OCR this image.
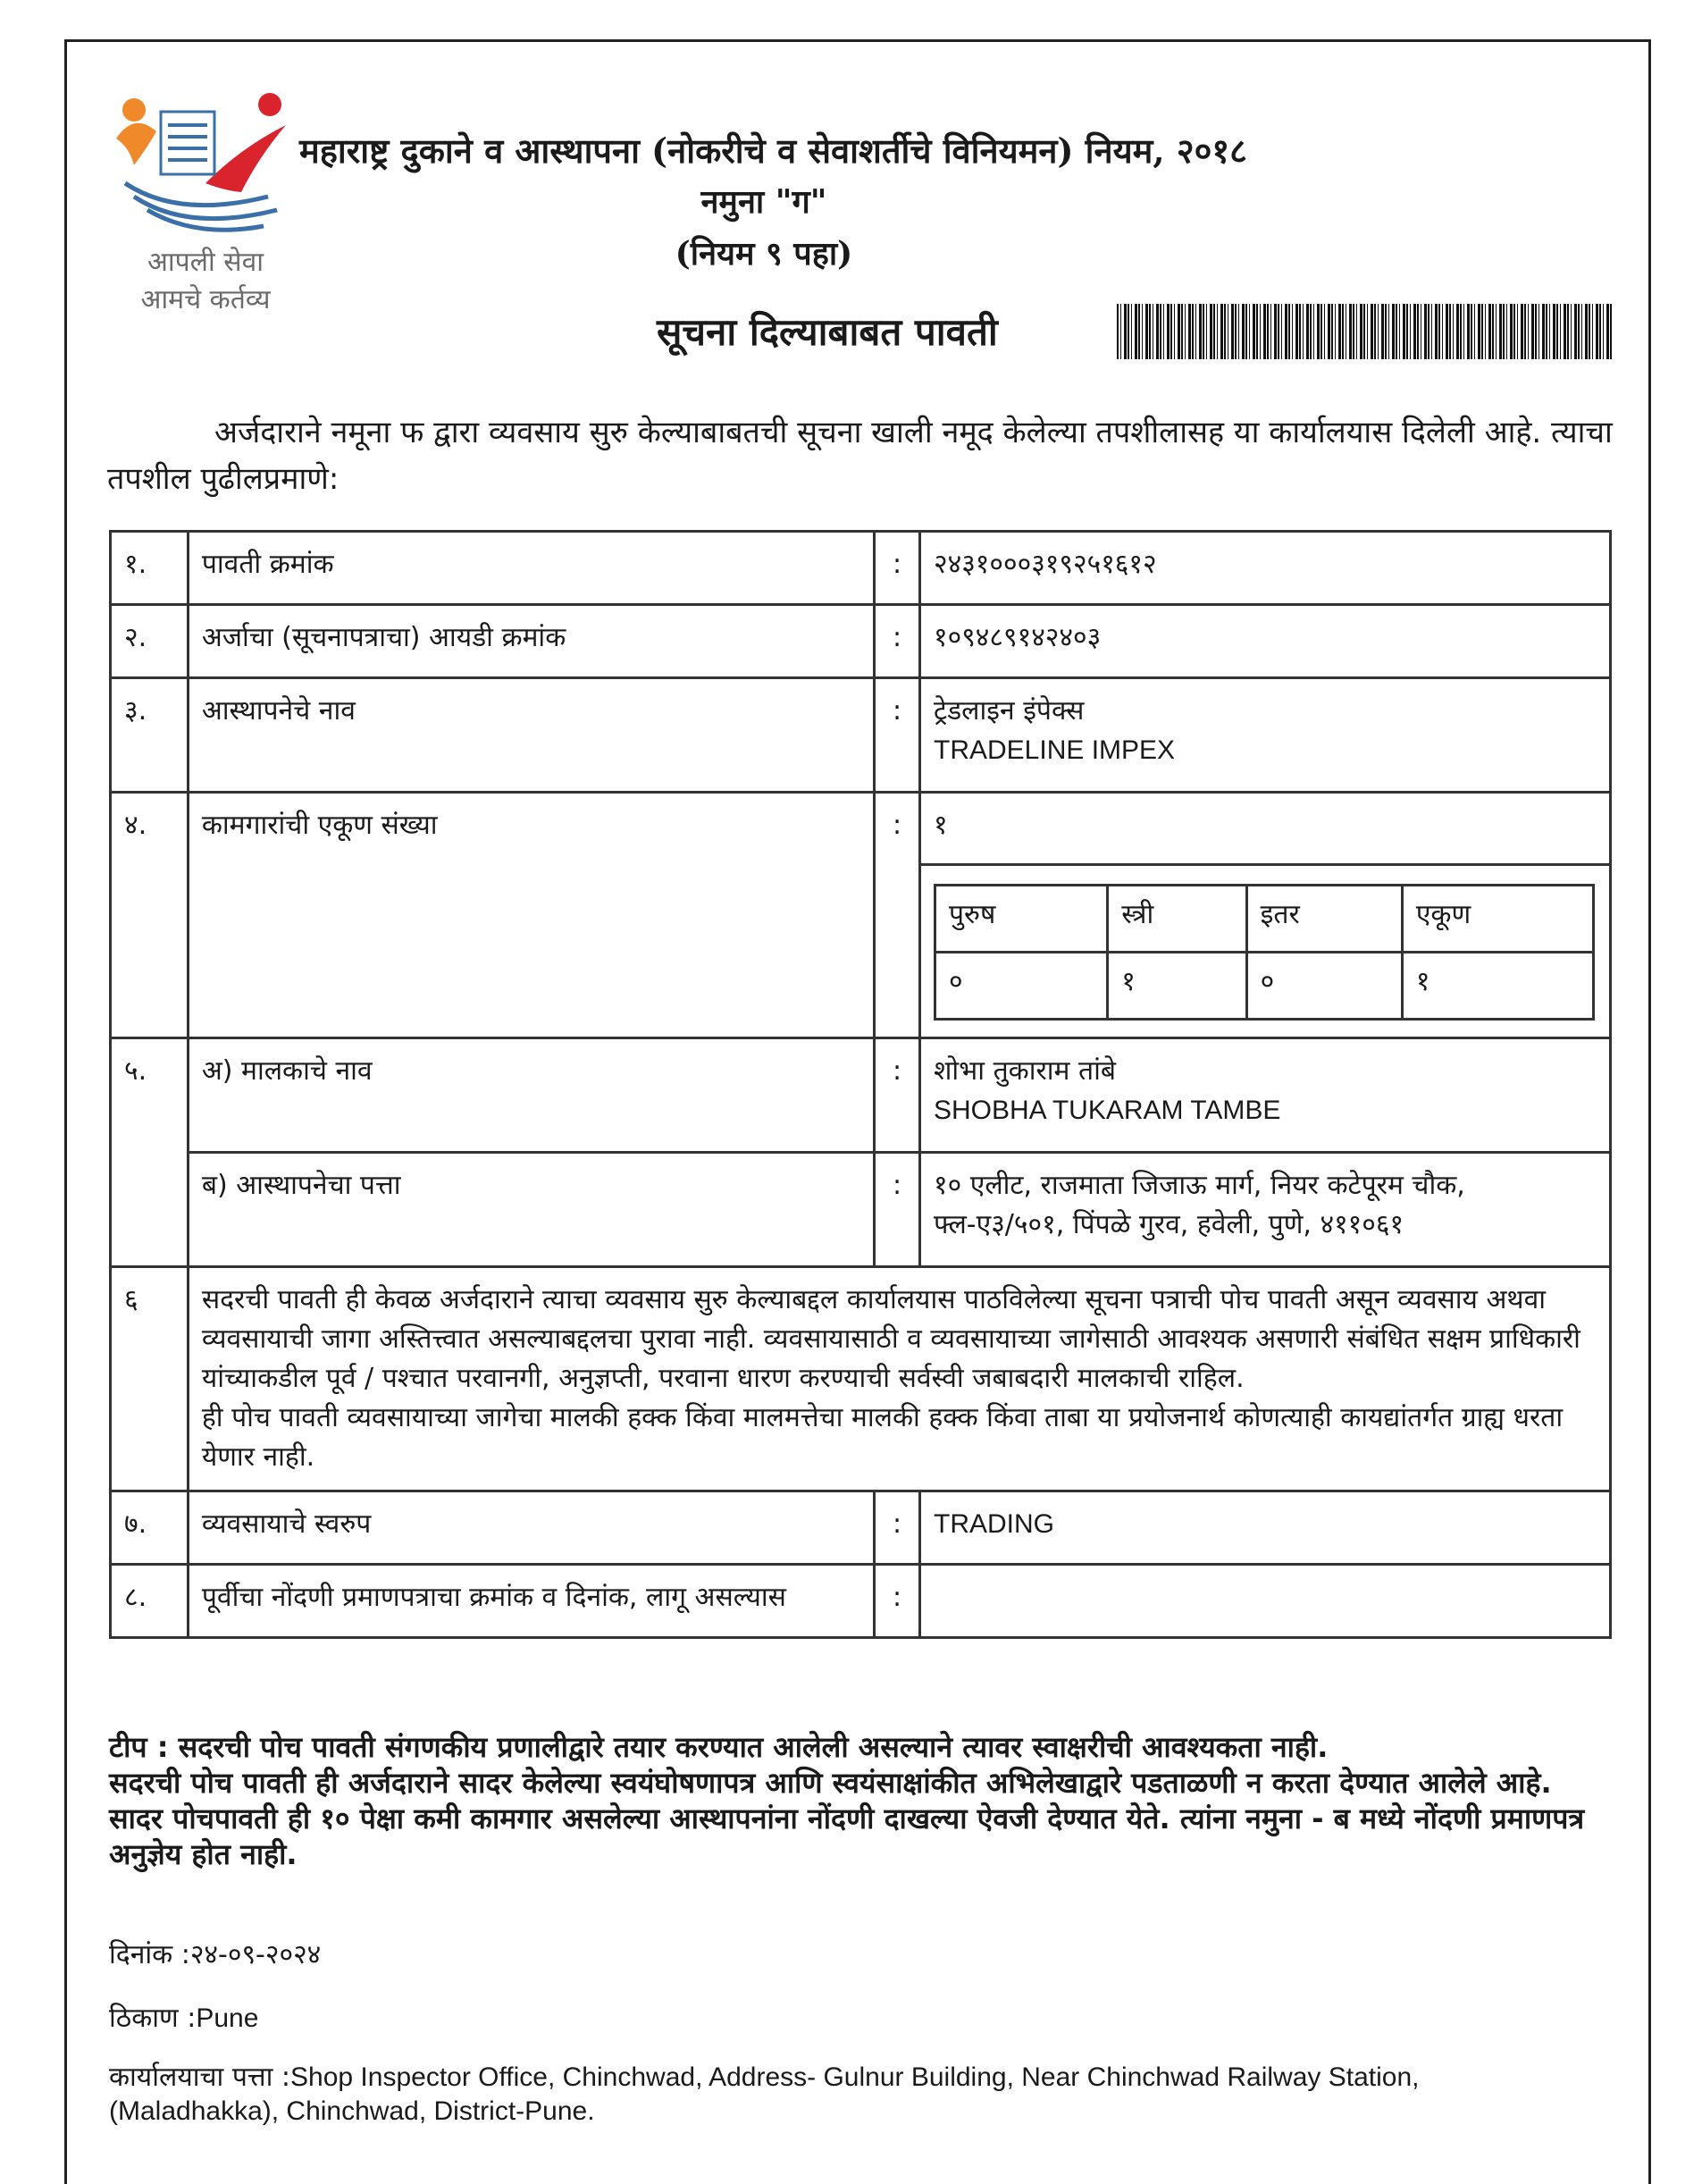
आपली सेवा
आमचे कर्तव्य
महाराष्ट्र दुकाने व आस्थापना (नोकरीचे व सेवाशर्तीचे विनियमन) नियम, २०१८
नमुना "ग"
(नियम ९ पहा)
सूचना दिल्याबाबत पावती
अर्जदाराने नमूना फ द्वारा व्यवसाय सुरु केल्याबाबतची सूचना खाली नमूद केलेल्या तपशीलासह या कार्यालयास दिलेली आहे. त्याचा तपशील पुढीलप्रमाणे:
१.	पावती क्रमांक	:	२४३१०००३१९२५१६१२
२.	अर्जाचा (सूचनापत्राचा) आयडी क्रमांक	:	१०९४८९१४२४०३
३.	आस्थापनेचे नाव	:	ट्रेडलाइन इंपेक्स
TRADELINE IMPEX

४.	कामगारांची एकूण संख्या	:	१
पुरुष	स्त्री	इतर	एकूण
०	१	०	१

५.	अ) मालकाचे नाव	:	शोभा तुकाराम तांबे
SHOBHA TUKARAM TAMBE

ब) आस्थापनेचा पत्ता	:	१० एलीट, राजमाता जिजाऊ मार्ग, नियर कटेपूरम चौक,
फ्ल-ए३/५०१, पिंपळे गुरव, हवेली, पुणे, ४११०६१

६	सदरची पावती ही केवळ अर्जदाराने त्याचा व्यवसाय सुरु केल्याबद्दल कार्यालयास पाठविलेल्या सूचना पत्राची पोच पावती असून व्यवसाय अथवा व्यवसायाची जागा अस्तित्त्वात असल्याबद्दलचा पुरावा नाही. व्यवसायासाठी व व्यवसायाच्या जागेसाठी आवश्यक असणारी संबंधित सक्षम प्राधिकारी यांच्याकडील पूर्व / पश्चात परवानगी, अनुज्ञप्ती, परवाना धारण करण्याची सर्वस्वी जबाबदारी मालकाची राहिल.
ही पोच पावती व्यवसायाच्या जागेचा मालकी हक्क किंवा मालमत्तेचा मालकी हक्क किंवा ताबा या प्रयोजनार्थ कोणत्याही कायद्यांतर्गत ग्राह्य धरता येणार नाही.

७.	व्यवसायाचे स्वरुप	:	TRADING
८.	पूर्वीचा नोंदणी प्रमाणपत्राचा क्रमांक व दिनांक, लागू असल्यास	:	
टीप : सदरची पोच पावती संगणकीय प्रणालीद्वारे तयार करण्यात आलेली असल्याने त्यावर स्वाक्षरीची आवश्यकता नाही.
सदरची पोच पावती ही अर्जदाराने सादर केलेल्या स्वयंघोषणापत्र आणि स्वयंसाक्षांकीत अभिलेखाद्वारे पडताळणी न करता देण्यात आलेले आहे.
सादर पोचपावती ही १० पेक्षा कमी कामगार असलेल्या आस्थापनांना नोंदणी दाखल्या ऐवजी देण्यात येते. त्यांना नमुना - ब मध्ये नोंदणी प्रमाणपत्र अनुज्ञेय होत नाही.
दिनांक :२४-०९-२०२४
ठिकाण :Pune
कार्यालयाचा पत्ता :Shop Inspector Office, Chinchwad, Address- Gulnur Building, Near Chinchwad Railway Station,
(Maladhakka), Chinchwad, District-Pune.
